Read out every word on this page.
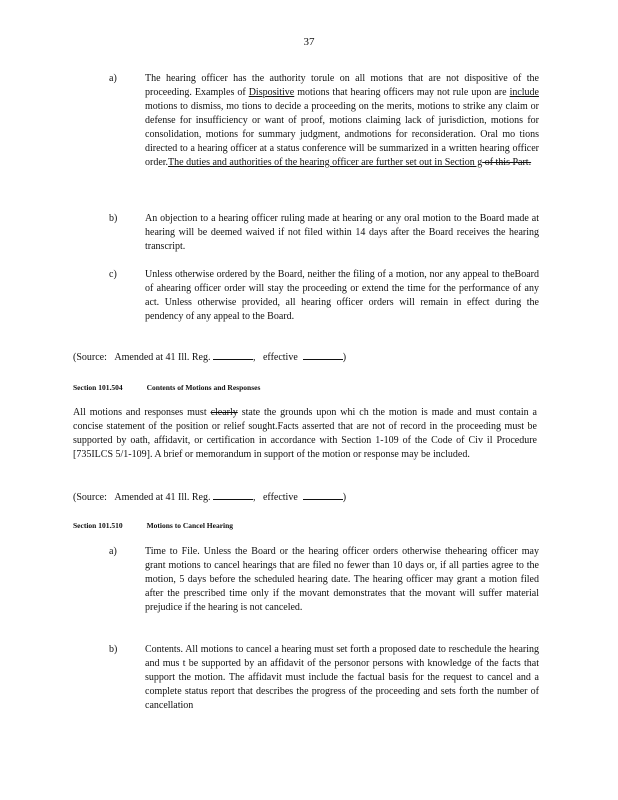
37
a)	The hearing officer has the authority torule on all motions that are not dispositive of the proceeding. Examples of Dispositive motions that hearing officers may not rule upon are include motions to dismiss, mo tions to decide a proceeding on the merits, motions to strike any claim or defense for insufficiency or want of proof, motions claiming lack of jurisdiction, motions for consolidation, motions for summary judgment, andmotions for reconsideration. Oral mo tions directed to a hearing officer at a status conference will be summarized in a written hearing officer order.The duties and authorities of the hearing officer are further set out in Section g of this Part.
b)	An objection to a hearing officer ruling made at hearing or any oral motion to the Board made at hearing will be deemed waived if not filed within 14 days after the Board receives the hearing transcript.
c)	Unless otherwise ordered by the Board, neither the filing of a motion, nor any appeal to theBoard of ahearing officer order will stay the proceeding or extend the time for the performance of any act. Unless otherwise provided, all hearing officer orders will remain in effect during the pendency of any appeal to the Board.
(Source: Amended at 41 Ill. Reg.	,   effective	)
Section 101.504	Contents of Motions and Responses
All motions and responses must clearly state the grounds upon whi ch the motion is made and must contain a concise statement of the position or relief sought.Facts asserted that are not of record in the proceeding must be supported by oath, affidavit, or certification in accordance with Section 1-109 of the Code of Civ il Procedure [735ILCS 5/1-109]. A brief or memorandum in support of the motion or response may be included.
(Source: Amended at 41 Ill. Reg.	,   effective	)
Section 101.510	Motions to Cancel Hearing
a)	Time to File. Unless the Board or the hearing officer orders otherwise thehearing officer may grant motions to cancel hearings that are filed no fewer than 10 days or, if all parties agree to the motion, 5 days before the scheduled hearing date. The hearing officer may grant a motion filed after the prescribed time only if the movant demonstrates that the movant will suffer material prejudice if the hearing is not canceled.
b)	Contents. All motions to cancel a hearing must set forth a proposed date to reschedule the hearing and mus t be supported by an affidavit of the personor persons with knowledge of the facts that support the motion. The affidavit must include the factual basis for the request to cancel and a complete status report that describes the progress of the proceeding and sets forth the number of cancellation
